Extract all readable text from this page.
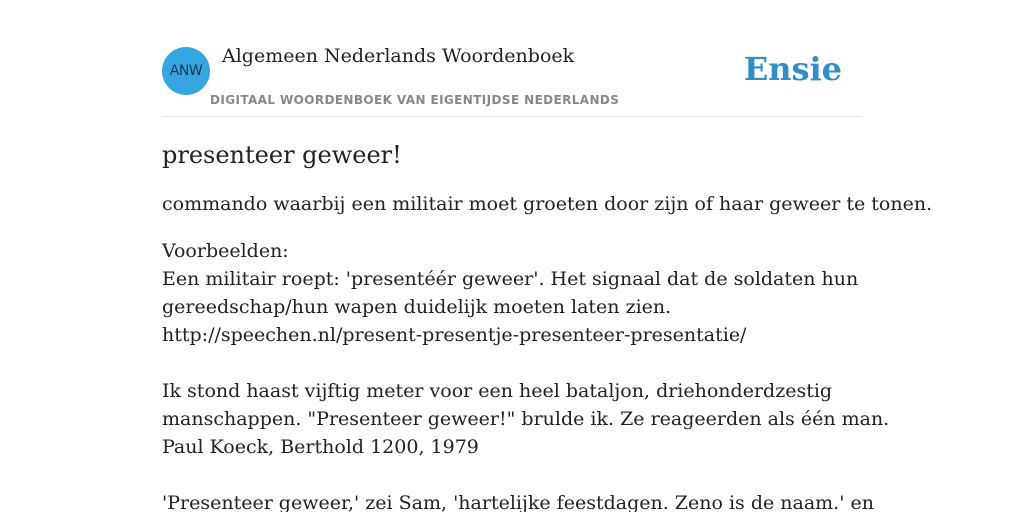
ANW
Algemeen Nederlands Woordenboek
DIGITAAL WOORDENBOEK VAN EIGENTIJDSE NEDERLANDS
Ensie
presenteer geweer!

commando waarbij een militair moet groeten door zijn of haar geweer te tonen.

Voorbeelden:
Een militair roept: 'presentéér geweer'. Het signaal dat de soldaten hun
gereedschap/hun wapen duidelijk moeten laten zien.
http://speechen.nl/present-presentje-presenteer-presentatie/
Ik stond haast vijftig meter voor een heel bataljon, driehonderdzestig
manschappen. "Presenteer geweer!" brulde ik. Ze reageerden als één man.
Paul Koeck, Berthold 1200, 1979
'Presenteer geweer,' zei Sam, 'hartelijke feestdagen. Zeno is de naam.' en
